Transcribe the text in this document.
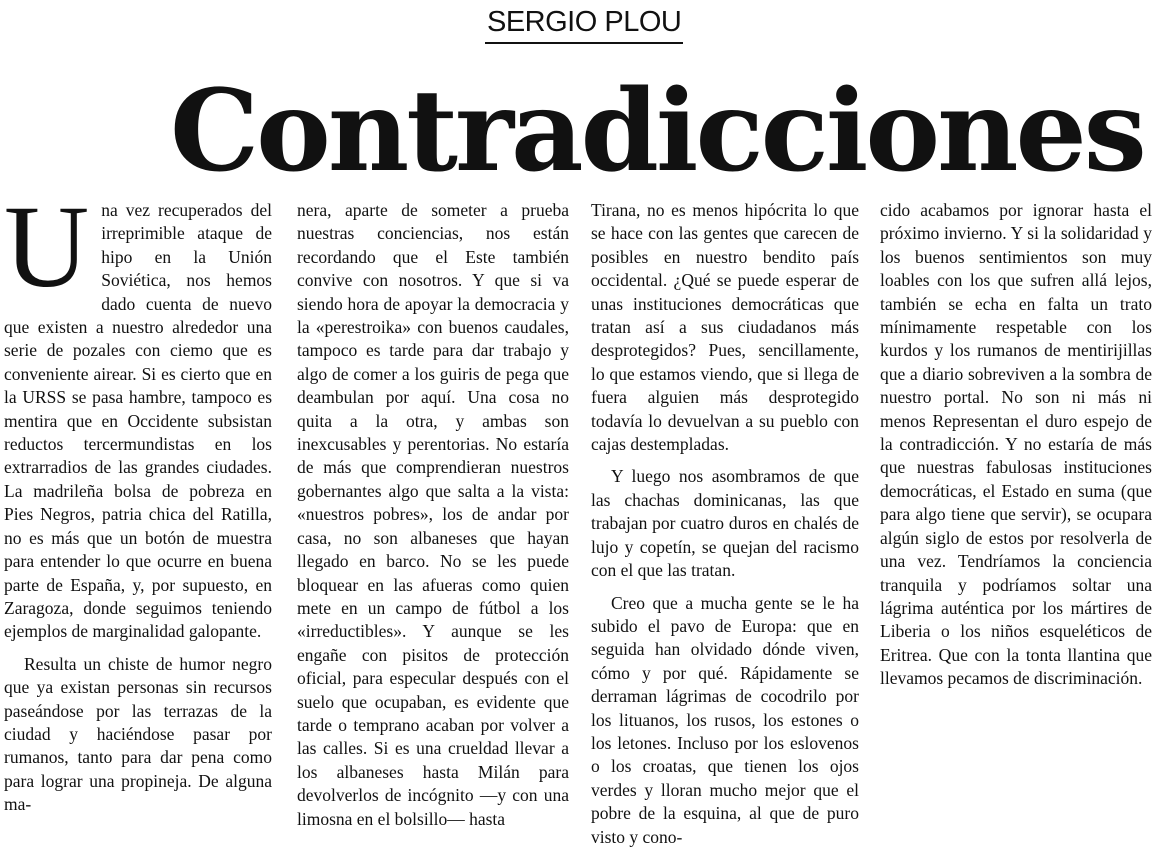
SERGIO PLOU
Contradicciones

Una vez recuperados del irreprimible ataque de hipo en la Unión Soviética, nos hemos dado cuenta de nuevo que existen a nuestro alrededor una serie de pozales con ciemo que es conveniente airear. Si es cierto que en la URSS se pasa hambre, tampoco es mentira que en Occidente subsistan reductos tercermundistas en los extrarradios de las grandes ciudades. La madrileña bolsa de pobreza en Pies Negros, patria chica del Ratilla, no es más que un botón de muestra para entender lo que ocurre en buena parte de España, y, por supuesto, en Zaragoza, donde seguimos teniendo ejemplos de marginalidad galopante.

Resulta un chiste de humor negro que ya existan personas sin recursos paseándose por las terrazas de la ciudad y haciéndose pasar por rumanos, tanto para dar pena como para lograr una propineja. De alguna ma-

nera, aparte de someter a prueba nuestras conciencias, nos están recordando que el Este también convive con nosotros. Y que si va siendo hora de apoyar la democracia y la «perestroika» con buenos caudales, tampoco es tarde para dar trabajo y algo de comer a los guiris de pega que deambulan por aquí. Una cosa no quita a la otra, y ambas son inexcusables y perentorias. No estaría de más que comprendieran nuestros gobernantes algo que salta a la vista: «nuestros pobres», los de andar por casa, no son albaneses que hayan llegado en barco. No se les puede bloquear en las afueras como quien mete en un campo de fútbol a los «irreductibles». Y aunque se les engañe con pisitos de protección oficial, para especular después con el suelo que ocupaban, es evidente que tarde o temprano acaban por volver a las calles. Si es una crueldad llevar a los albaneses hasta Milán para devolverlos de incógnito —y con una limosna en el bolsillo— hasta

Tirana, no es menos hipócrita lo que se hace con las gentes que carecen de posibles en nuestro bendito país occidental. ¿Qué se puede esperar de unas instituciones democráticas que tratan así a sus ciudadanos más desprotegidos? Pues, sencillamente, lo que estamos viendo, que si llega de fuera alguien más desprotegido todavía lo devuelvan a su pueblo con cajas destempladas.

Y luego nos asombramos de que las chachas dominicanas, las que trabajan por cuatro duros en chalés de lujo y copetín, se quejan del racismo con el que las tratan.

Creo que a mucha gente se le ha subido el pavo de Europa: que en seguida han olvidado dónde viven, cómo y por qué. Rápidamente se derraman lágrimas de cocodrilo por los lituanos, los rusos, los estones o los letones. Incluso por los eslovenos o los croatas, que tienen los ojos verdes y lloran mucho mejor que el pobre de la esquina, al que de puro visto y cono-

cido acabamos por ignorar hasta el próximo invierno. Y si la solidaridad y los buenos sentimientos son muy loables con los que sufren allá lejos, también se echa en falta un trato mínimamente respetable con los kurdos y los rumanos de mentirijillas que a diario sobreviven a la sombra de nuestro portal. No son ni más ni menos Representan el duro espejo de la contradicción. Y no estaría de más que nuestras fabulosas instituciones democráticas, el Estado en suma (que para algo tiene que servir), se ocupara algún siglo de estos por resolverla de una vez. Tendríamos la conciencia tranquila y podríamos soltar una lágrima auténtica por los mártires de Liberia o los niños esqueléticos de Eritrea. Que con la tonta llantina que llevamos pecamos de discriminación.
